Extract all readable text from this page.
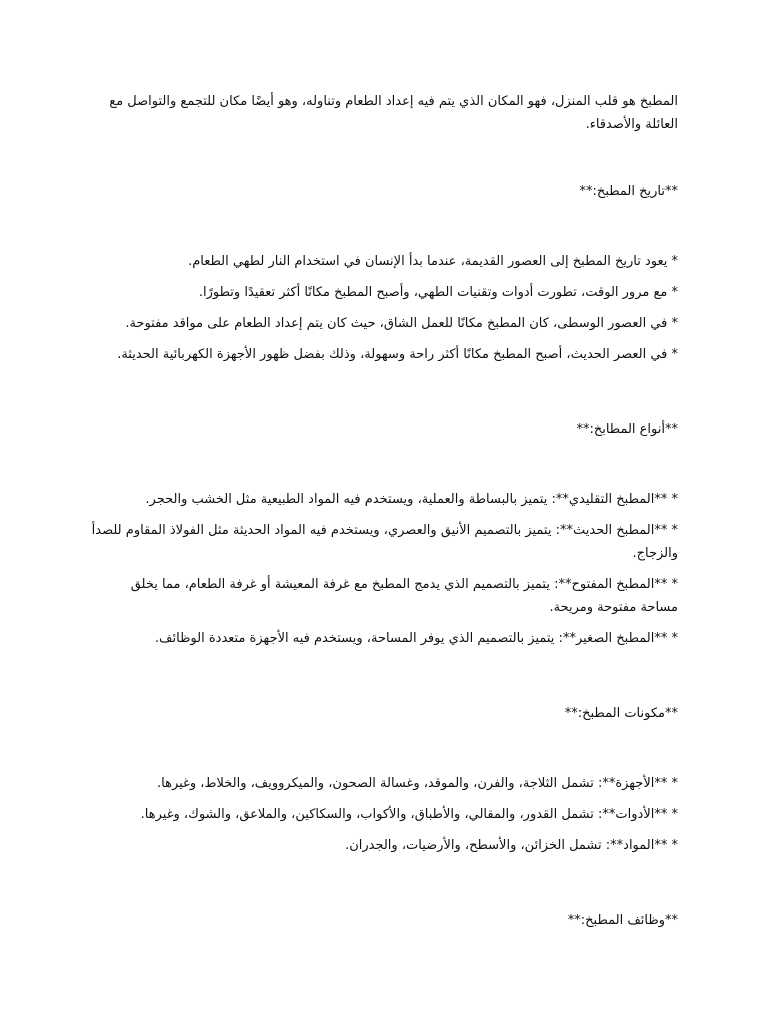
المطبخ هو قلب المنزل، فهو المكان الذي يتم فيه إعداد الطعام وتناوله، وهو أيضًا مكان للتجمع والتواصل مع العائلة والأصدقاء.

**تاريخ المطبخ:**

* يعود تاريخ المطبخ إلى العصور القديمة، عندما بدأ الإنسان في استخدام النار لطهي الطعام.

* مع مرور الوقت، تطورت أدوات وتقنيات الطهي، وأصبح المطبخ مكانًا أكثر تعقيدًا وتطورًا.

* في العصور الوسطى، كان المطبخ مكانًا للعمل الشاق، حيث كان يتم إعداد الطعام على مواقد مفتوحة.

* في العصر الحديث، أصبح المطبخ مكانًا أكثر راحة وسهولة، وذلك بفضل ظهور الأجهزة الكهربائية الحديثة.

**أنواع المطابخ:**

* **المطبخ التقليدي**: يتميز بالبساطة والعملية، ويستخدم فيه المواد الطبيعية مثل الخشب والحجر.

* **المطبخ الحديث**: يتميز بالتصميم الأنيق والعصري، ويستخدم فيه المواد الحديثة مثل الفولاذ المقاوم للصدأ والزجاج.

* **المطبخ المفتوح**: يتميز بالتصميم الذي يدمج المطبخ مع غرفة المعيشة أو غرفة الطعام، مما يخلق مساحة مفتوحة ومريحة.

* **المطبخ الصغير**: يتميز بالتصميم الذي يوفر المساحة، ويستخدم فيه الأجهزة متعددة الوظائف.

**مكونات المطبخ:**

* **الأجهزة**: تشمل الثلاجة، والفرن، والموقد، وغسالة الصحون، والميكروويف، والخلاط، وغيرها.

* **الأدوات**: تشمل القدور، والمقالي، والأطباق، والأكواب، والسكاكين، والملاعق، والشوك، وغيرها.

* **المواد**: تشمل الخزائن، والأسطح، والأرضيات، والجدران.

**وظائف المطبخ:**
